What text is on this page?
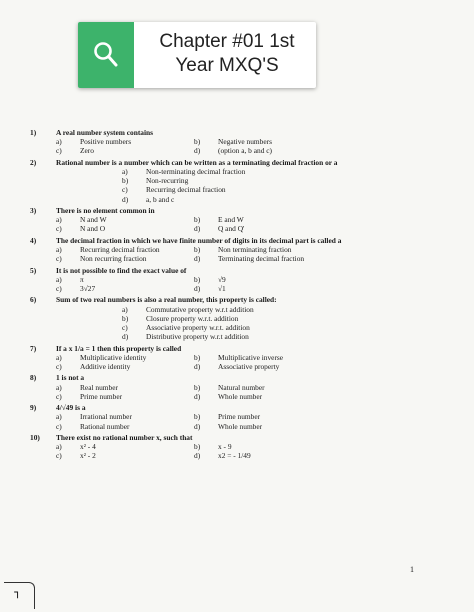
Chapter #01 1st
Year MXQ'S
1)	A real number system contains
a)	Positive numbers	b)	Negative numbers
c)	Zero	d)	(option a, b and c)
2)	Rational number is a number which can be written as a terminating decimal fraction or a
a)	Non-terminating decimal fraction
b)	Non-recurring
c)	Recurring decimal fraction
d)	a, b and c
3)	There is no element common in
a)	N and W	b)	E and W
c)	N and O	d)	Q and Q'
4)	The decimal fraction in which we have finite number of digits in its decimal part is called a
a)	Recurring decimal fraction	b)	Non terminating fraction
c)	Non recurring fraction	d)	Terminating decimal fraction
5)	It is not possible to find the exact value of
a)	π	b)	√9
c)	3√27	d)	√1
6)	Sum of two real numbers is also a real number, this property is called:
a)	Commutative property w.r.t addition
b)	Closure property w.r.t. addition
c)	Associative property w.r.t. addition
d)	Distributive property w.r.t addition
7)	If a x 1/a = 1 then this property is called
a)	Multiplicative identity	b)	Multiplicative inverse
c)	Additive identity	d)	Associative property
8)	1 is not a
a)	Real number	b)	Natural number
c)	Prime number	d)	Whole number
9)	4/√49 is a
a)	Irrational number	b)	Prime number
c)	Rational number	d)	Whole number
10)	There exist no rational number x, such that
a)	x² - 4	b)	x - 9
c)	x² - 2	d)	x2 = - 1/49
1
⌐
